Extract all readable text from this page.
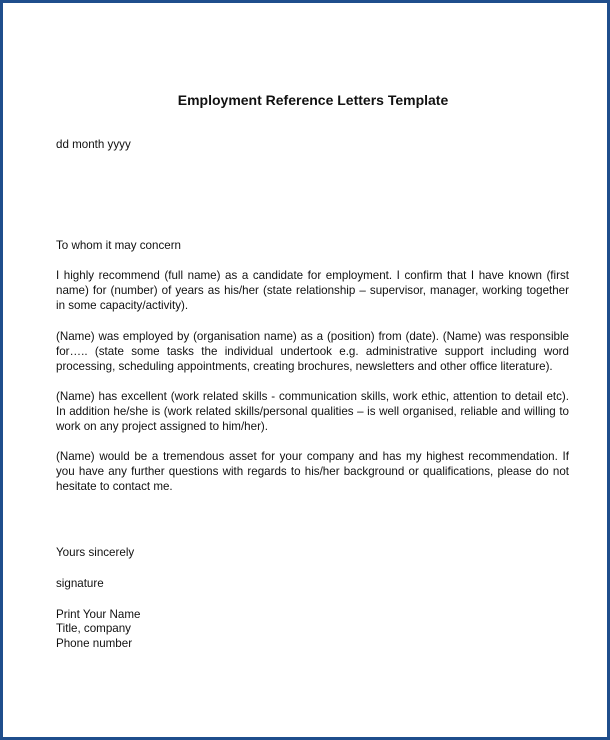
Employment Reference Letters Template
dd month yyyy
To whom it may concern

I highly recommend (full name) as a candidate for employment. I confirm that I have known (first name) for (number) of years as his/her (state relationship – supervisor, manager, working together in some capacity/activity).

(Name) was employed by (organisation name) as a (position) from (date). (Name) was responsible for….. (state some tasks the individual undertook e.g. administrative support including word processing, scheduling appointments, creating brochures, newsletters and other office literature).

(Name) has excellent (work related skills - communication skills, work ethic, attention to detail etc). In addition he/she is (work related skills/personal qualities – is well organised, reliable and willing to work on any project assigned to him/her).

(Name) would be a tremendous asset for your company and has my highest recommendation. If you have any further questions with regards to his/her background or qualifications, please do not hesitate to contact me.

Yours sincerely
signature
Print Your Name
Title, company
Phone number
